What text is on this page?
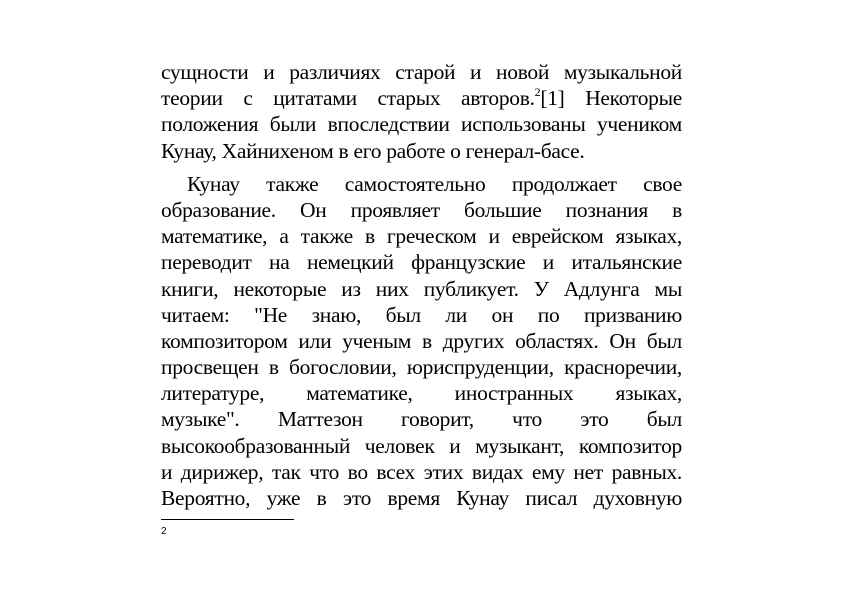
сущности и различиях старой и новой музыкальной
теории с цитатами старых авторов.$^2$[1] Некоторые
положения были впоследствии использованы учеником
Кунау, Хайнихеном в его работе о генерал-басе.
Кунау также самостоятельно продолжает свое
образование. Он проявляет большие познания в
математике, а также в греческом и еврейском языках,
переводит на немецкий французские и итальянские
книги, некоторые из них публикует. У Адлунга мы
читаем: "Не знаю, был ли он по призванию
композитором или ученым в других областях. Он был
просвещен в богословии, юриспруденции, красноречии,
литературе, математике, иностранных языках,
музыке". Маттезон говорит, что это был
высокообразованный человек и музыкант, композитор
и дирижер, так что во всех этих видах ему нет равных.
Вероятно, уже в это время Кунау писал духовную
2
